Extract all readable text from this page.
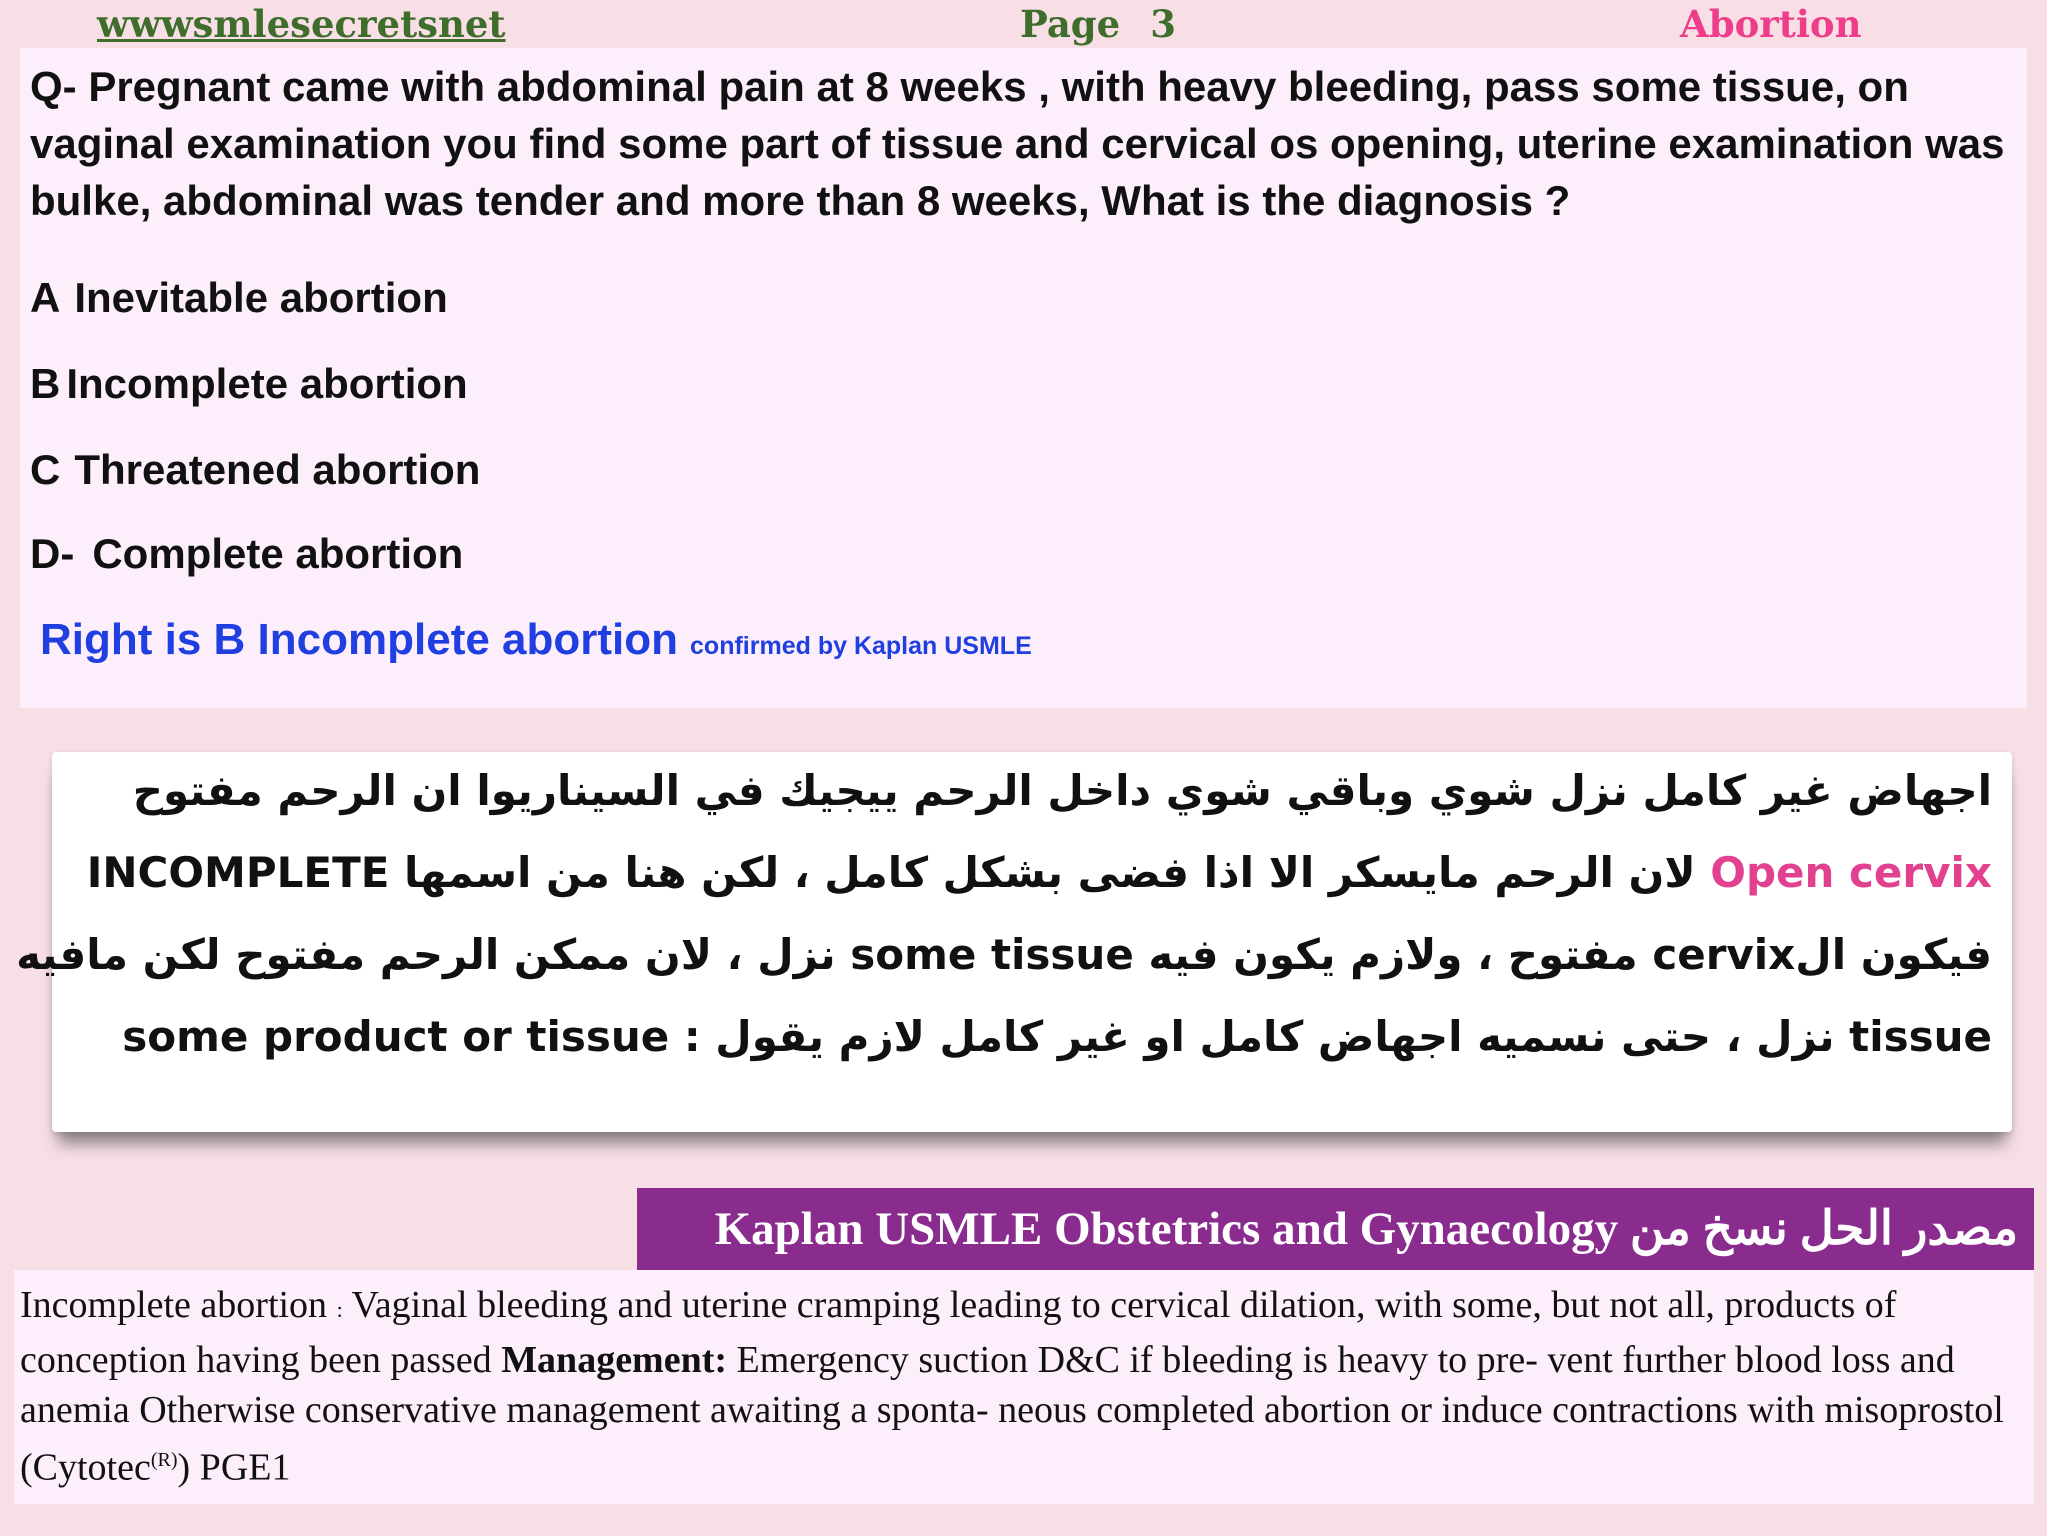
wwwsmlesecretsnet	Page 3	Abortion
Q- Pregnant came with abdominal pain at 8 weeks , with heavy bleeding, pass some tissue, on vaginal examination you find some part of tissue and cervical os opening, uterine examination was bulke, abdominal was tender and more than 8 weeks, What is the diagnosis ?
A Inevitable abortion
B Incomplete abortion
C Threatened abortion
D- Complete abortion
Right is B Incomplete abortion confirmed by Kaplan USMLE
اجهاض غير كامل نزل شوي وباقي شوي داخل الرحم ييجيك في السيناريوا ان الرحم مفتوح
Open cervix لان الرحم مايسكر الا اذا فضى بشكل كامل ، لكن هنا من اسمها INCOMPLETE
فيكون الcervix مفتوح ، ولازم يكون فيه some tissue نزل ، لان ممكن الرحم مفتوح لكن مافيه
tissue نزل ، حتى نسميه اجهاض كامل او غير كامل لازم يقول : some product or tissue
مصدر الحل نسخ من Kaplan USMLE Obstetrics and Gynaecology
Incomplete abortion : Vaginal bleeding and uterine cramping leading to cervical dilation, with some, but not all, products of conception having been passed Management: Emergency suction D&C if bleeding is heavy to pre- vent further blood loss and anemia Otherwise conservative management awaiting a sponta- neous completed abortion or induce contractions with misoprostol (Cytotec$^{(R)}$) PGE1
